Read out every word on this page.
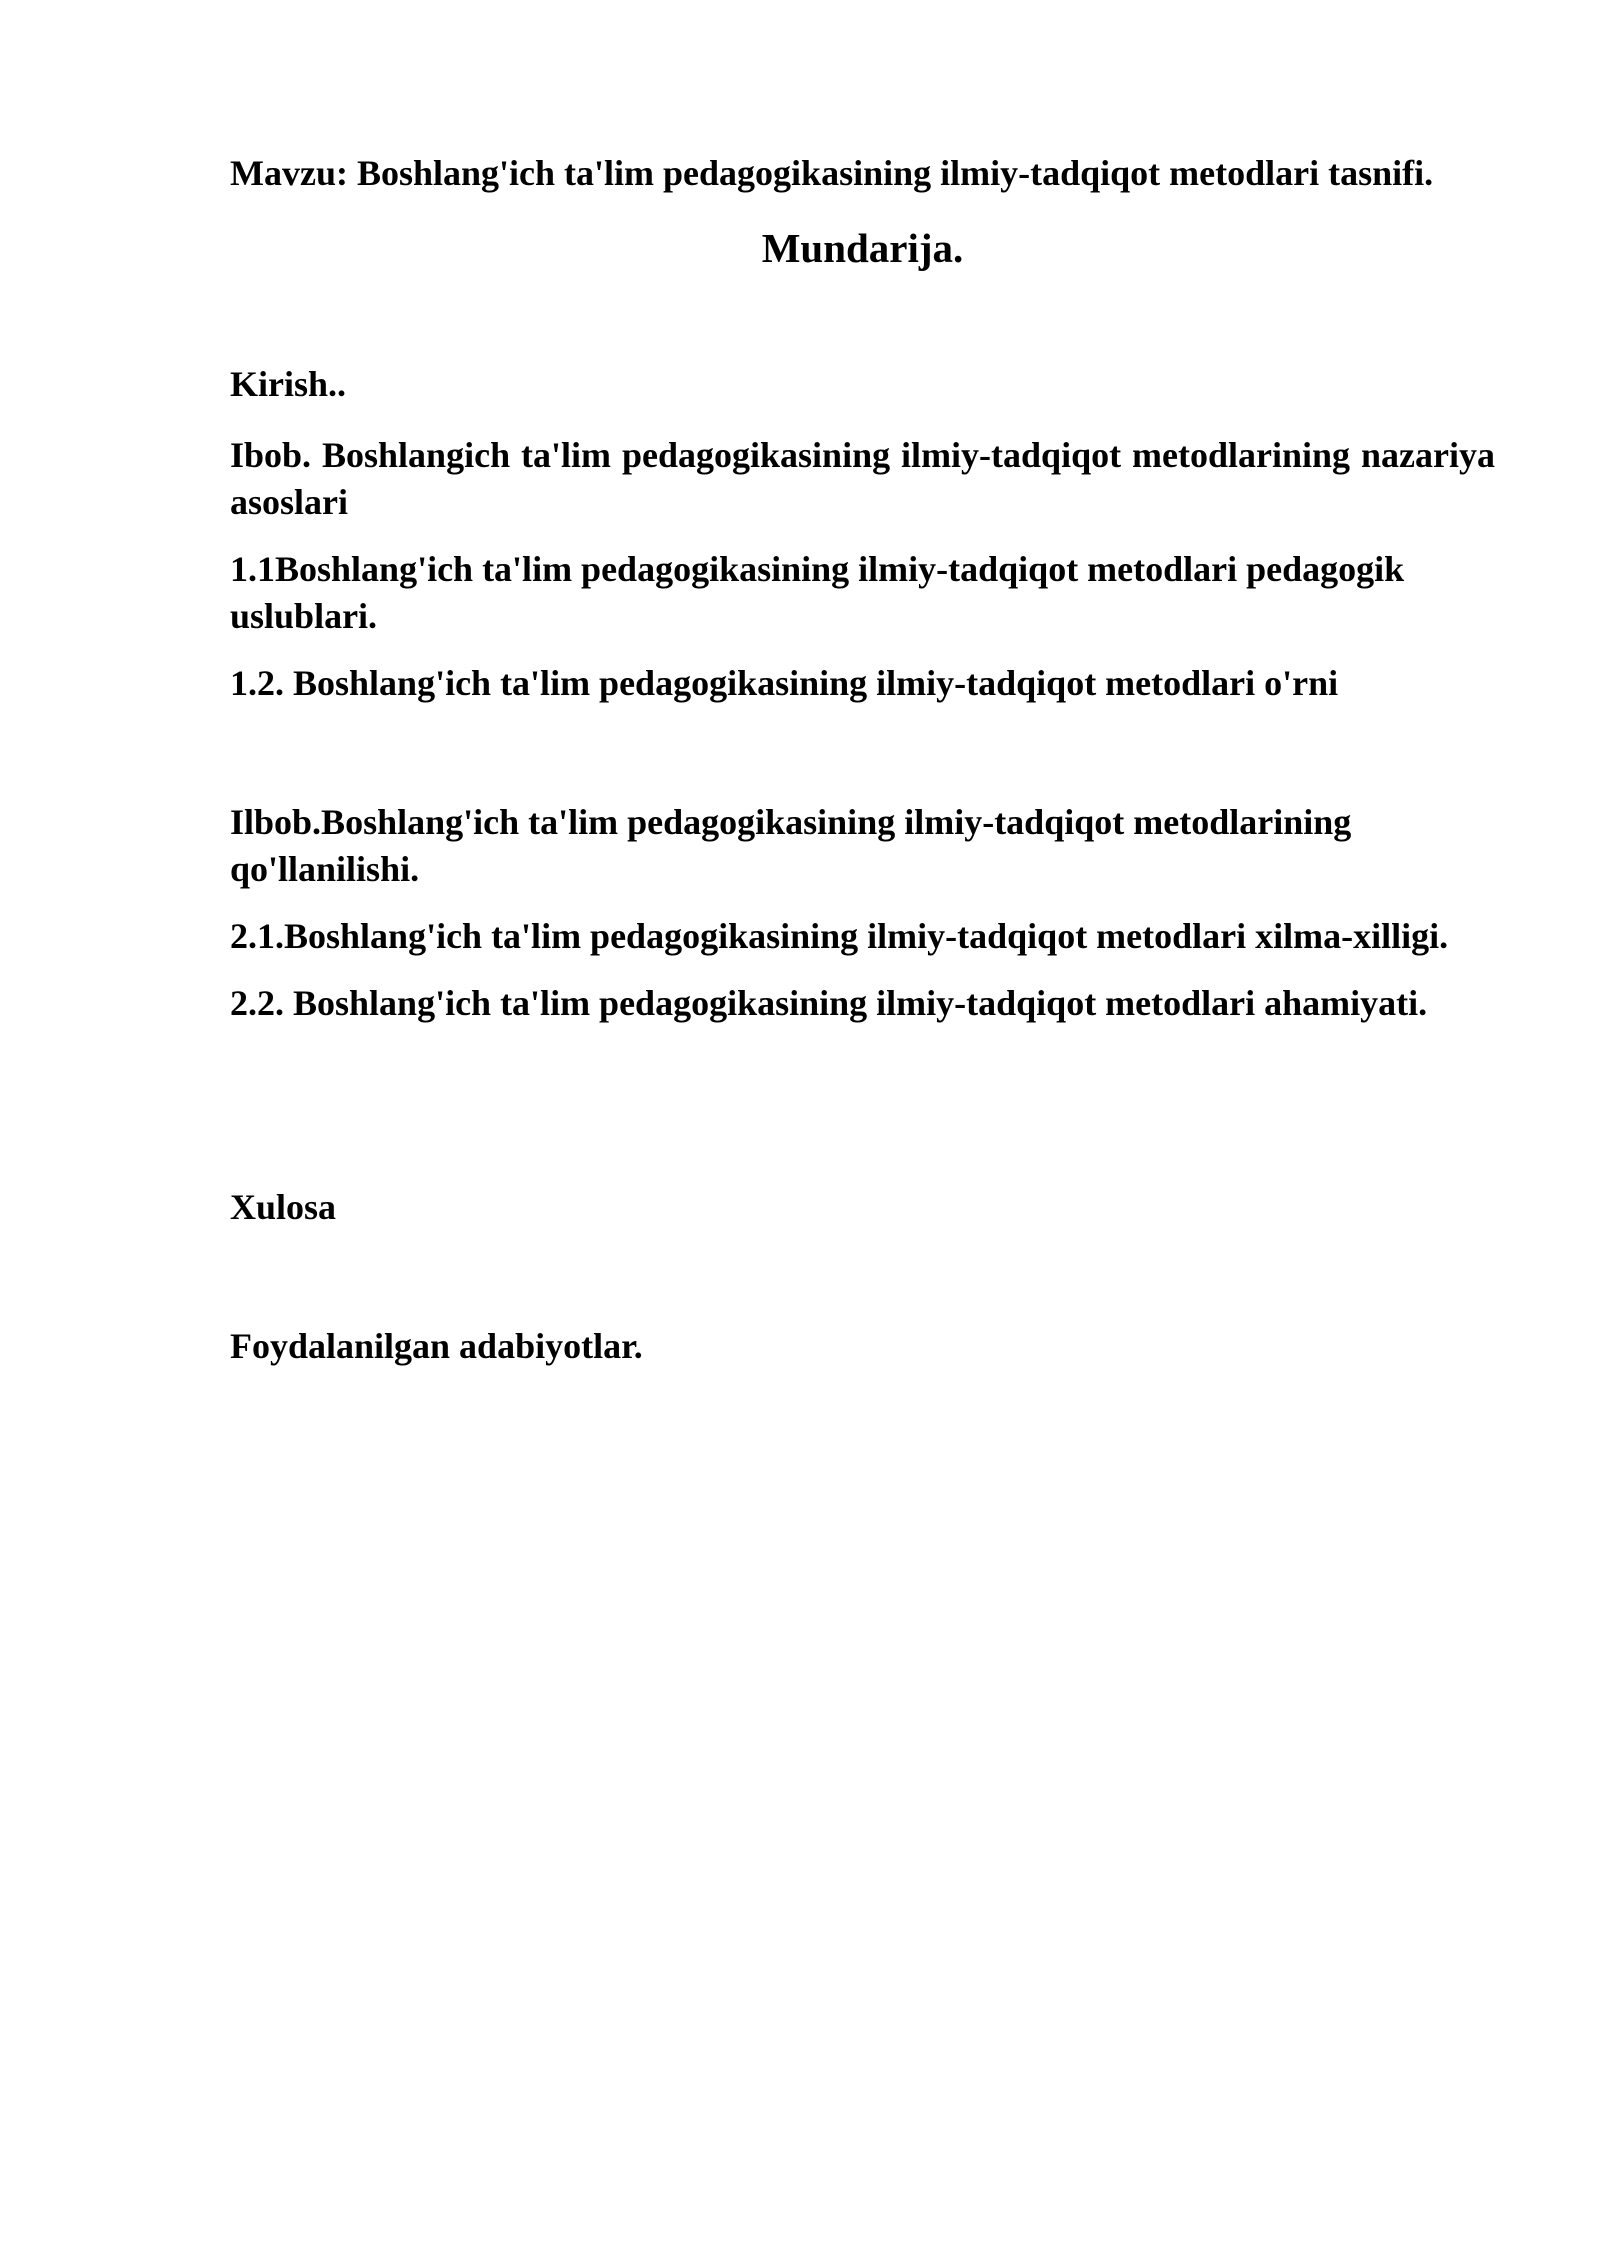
Mavzu: Boshlang'ich ta'lim pedagogikasining ilmiy-tadqiqot metodlari tasnifi.

Mundarija.

Kirish..

Ibob. Boshlangich ta'lim pedagogikasining ilmiy-tadqiqot metodlarining nazariya asoslari

1.1Boshlang'ich ta'lim pedagogikasining ilmiy-tadqiqot metodlari pedagogik uslublari.

1.2. Boshlang'ich ta'lim pedagogikasining ilmiy-tadqiqot metodlari o'rni

Ilbob.Boshlang'ich ta'lim pedagogikasining ilmiy-tadqiqot metodlarining qo'llanilishi.

2.1.Boshlang'ich ta'lim pedagogikasining ilmiy-tadqiqot metodlari xilma-xilligi.

2.2. Boshlang'ich ta'lim pedagogikasining ilmiy-tadqiqot metodlari ahamiyati.

Xulosa

Foydalanilgan adabiyotlar.
